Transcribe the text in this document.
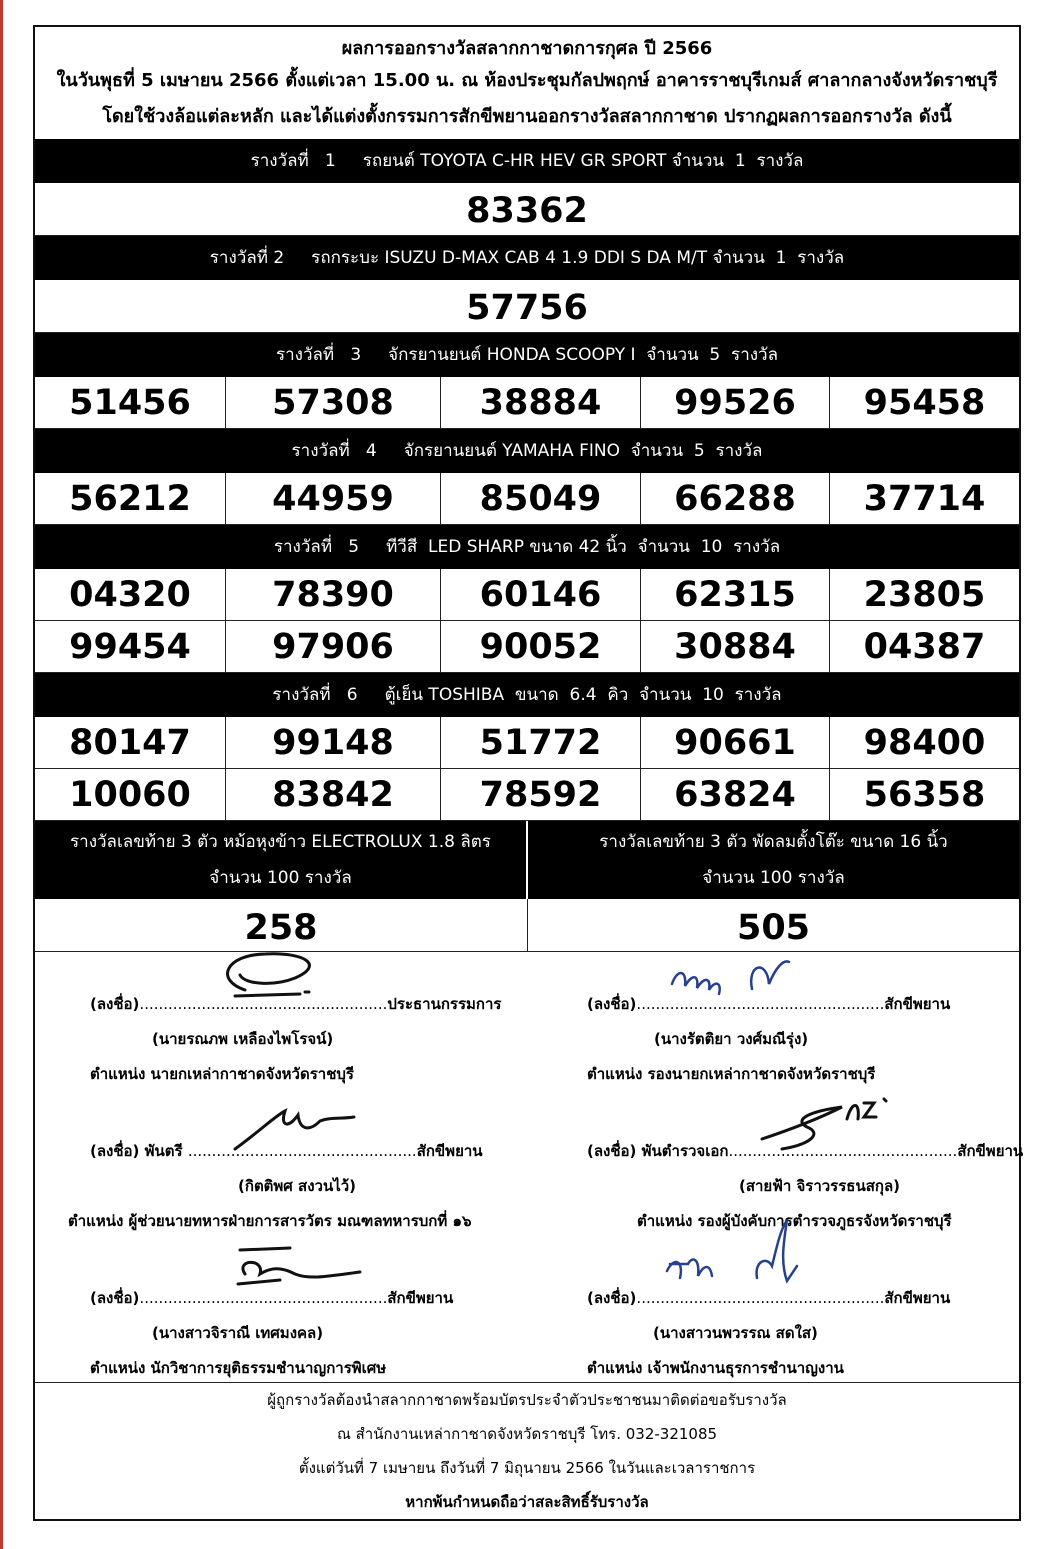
ผลการออกรางวัลสลากกาชาดการกุศล ปี 2566
ในวันพุธที่ 5 เมษายน 2566 ตั้งแต่เวลา 15.00 น. ณ ห้องประชุมกัลปพฤกษ์ อาคารราชบุรีเกมส์ ศาลากลางจังหวัดราชบุรี
โดยใช้วงล้อแต่ละหลัก และได้แต่งตั้งกรรมการสักขีพยานออกรางวัลสลากกาชาด ปรากฏผลการออกรางวัล ดังนี้
รางวัลที่   1     รถยนต์ TOYOTA C-HR HEV GR SPORT จำนวน  1  รางวัล
83362
รางวัลที่ 2     รถกระบะ ISUZU D-MAX CAB 4 1.9 DDI S DA M/T จำนวน  1  รางวัล
57756
รางวัลที่   3     จักรยานยนต์ HONDA SCOOPY I  จำนวน  5  รางวัล
51456	57308	38884	99526	95458
รางวัลที่   4     จักรยานยนต์ YAMAHA FINO  จำนวน  5  รางวัล
56212	44959	85049	66288	37714
รางวัลที่   5     ทีวีสี  LED SHARP ขนาด 42 นิ้ว  จำนวน  10  รางวัล
04320	78390	60146	62315	23805
99454	97906	90052	30884	04387
รางวัลที่   6     ตู้เย็น TOSHIBA  ขนาด  6.4  คิว  จำนวน  10  รางวัล
80147	99148	51772	90661	98400
10060	83842	78592	63824	56358
รางวัลเลขท้าย 3 ตัว หม้อหุงข้าว ELECTROLUX 1.8 ลิตร
จำนวน 100 รางวัล
รางวัลเลขท้าย 3 ตัว พัดลมตั้งโต๊ะ ขนาด 16 นิ้ว
จำนวน 100 รางวัล
258	505
(ลงชื่อ)....................................................ประธานกรรมการ
(นายรณภพ เหลืองไพโรจน์)
ตำแหน่ง นายกเหล่ากาชาดจังหวัดราชบุรี
(ลงชื่อ)....................................................สักขีพยาน
(นางรัตติยา วงศ์มณีรุ่ง)
ตำแหน่ง รองนายกเหล่ากาชาดจังหวัดราชบุรี
(ลงชื่อ) พันตรี ................................................สักขีพยาน
(กิตติพศ สงวนไว้)
ตำแหน่ง ผู้ช่วยนายทหารฝ่ายการสารวัตร มณฑลทหารบกที่ ๑๖
(ลงชื่อ) พันตำรวจเอก................................................สักขีพยาน
(สายฟ้า จิราวรรธนสกุล)
ตำแหน่ง รองผู้บังคับการตำรวจภูธรจังหวัดราชบุรี
(ลงชื่อ)....................................................สักขีพยาน
(นางสาวจิราณี เทศมงคล)
ตำแหน่ง นักวิชาการยุติธรรมชำนาญการพิเศษ
(ลงชื่อ)....................................................สักขีพยาน
(นางสาวนพวรรณ สดใส)
ตำแหน่ง เจ้าพนักงานธุรการชำนาญงาน
ผู้ถูกรางวัลต้องนำสลากกาชาดพร้อมบัตรประจำตัวประชาชนมาติดต่อขอรับรางวัล
ณ สำนักงานเหล่ากาชาดจังหวัดราชบุรี โทร. 032-321085
ตั้งแต่วันที่ 7 เมษายน ถึงวันที่ 7 มิถุนายน 2566 ในวันและเวลาราชการ
หากพ้นกำหนดถือว่าสละสิทธิ์รับรางวัล
